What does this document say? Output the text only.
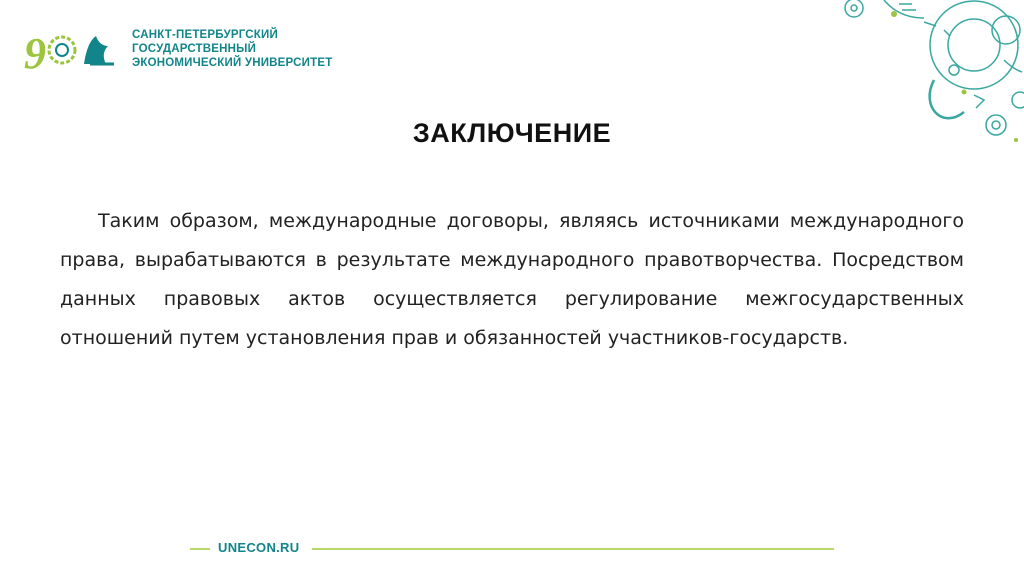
9	САНКТ-ПЕТЕРБУРГСКИЙ
ГОСУДАРСТВЕННЫЙ
ЭКОНОМИЧЕСКИЙ УНИВЕРСИТЕТ
ЗАКЛЮЧЕНИЕ

Таким образом, международные договоры, являясь источниками международного права, вырабатываются в результате международного правотворчества. Посредством данных правовых актов осуществляется регулирование межгосударственных отношений путем установления прав и обязанностей участников-государств.

UNECON.RU
